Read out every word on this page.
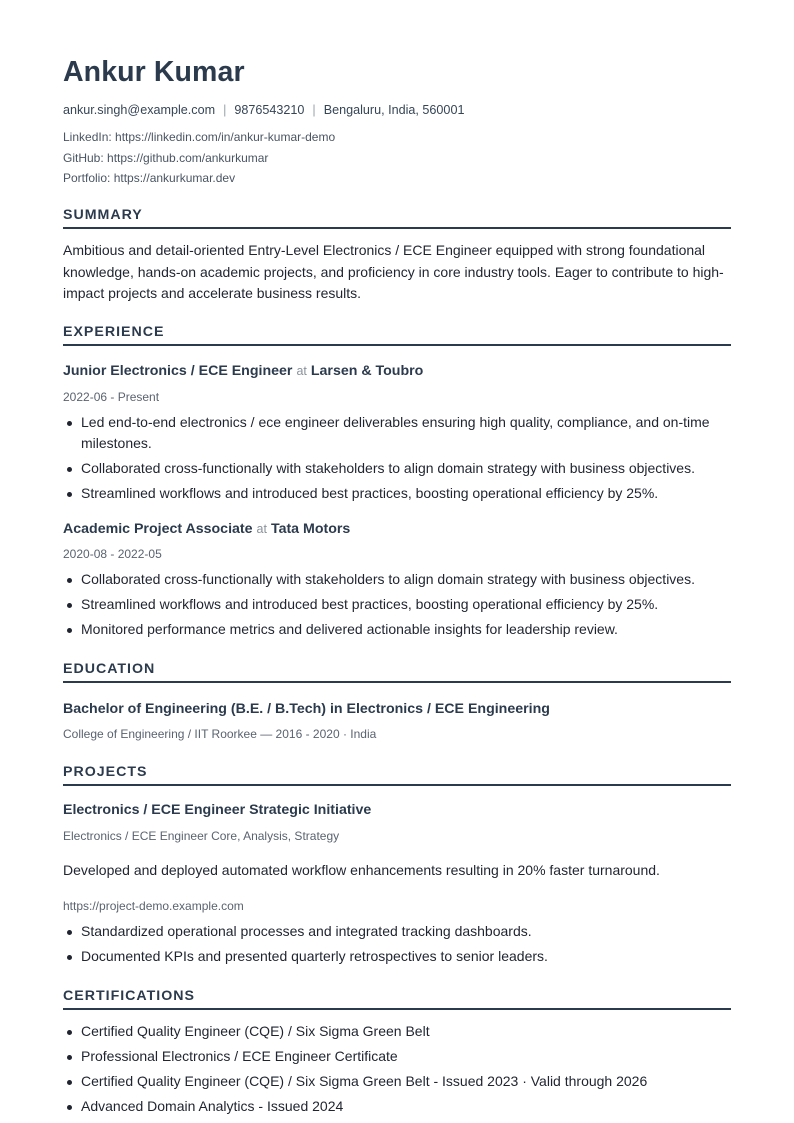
Ankur Kumar
ankur.singh@example.com | 9876543210 | Bengaluru, India, 560001
LinkedIn: https://linkedin.com/in/ankur-kumar-demo
GitHub: https://github.com/ankurkumar
Portfolio: https://ankurkumar.dev
SUMMARY
Ambitious and detail-oriented Entry-Level Electronics / ECE Engineer equipped with strong foundational knowledge, hands-on academic projects, and proficiency in core industry tools. Eager to contribute to high-impact projects and accelerate business results.
EXPERIENCE
Junior Electronics / ECE Engineer at Larsen & Toubro
2022-06 - Present
Led end-to-end electronics / ece engineer deliverables ensuring high quality, compliance, and on-time milestones.
Collaborated cross-functionally with stakeholders to align domain strategy with business objectives.
Streamlined workflows and introduced best practices, boosting operational efficiency by 25%.
Academic Project Associate at Tata Motors
2020-08 - 2022-05
Collaborated cross-functionally with stakeholders to align domain strategy with business objectives.
Streamlined workflows and introduced best practices, boosting operational efficiency by 25%.
Monitored performance metrics and delivered actionable insights for leadership review.
EDUCATION
Bachelor of Engineering (B.E. / B.Tech) in Electronics / ECE Engineering
College of Engineering / IIT Roorkee — 2016 - 2020 · India
PROJECTS
Electronics / ECE Engineer Strategic Initiative
Electronics / ECE Engineer Core, Analysis, Strategy
Developed and deployed automated workflow enhancements resulting in 20% faster turnaround.
https://project-demo.example.com
Standardized operational processes and integrated tracking dashboards.
Documented KPIs and presented quarterly retrospectives to senior leaders.
CERTIFICATIONS
Certified Quality Engineer (CQE) / Six Sigma Green Belt
Professional Electronics / ECE Engineer Certificate
Certified Quality Engineer (CQE) / Six Sigma Green Belt - Issued 2023 · Valid through 2026
Advanced Domain Analytics - Issued 2024
